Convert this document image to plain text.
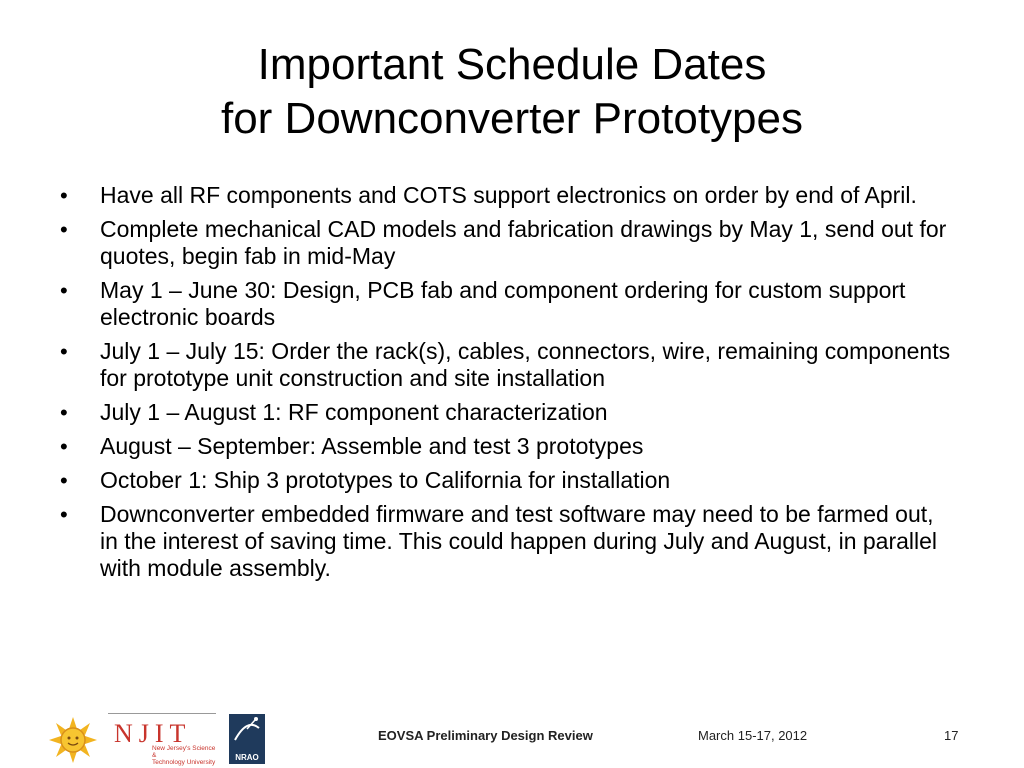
Important Schedule Dates
for Downconverter Prototypes
• Have all RF components and COTS support electronics on order by end of April.
• Complete mechanical CAD models and fabrication drawings by May 1, send out for quotes, begin fab in mid-May
• May 1 – June 30: Design, PCB fab and component ordering for custom support electronic boards
• July 1 – July 15: Order the rack(s), cables, connectors, wire, remaining components for prototype unit construction and site installation
• July 1 – August 1: RF component characterization
• August – September: Assemble and test 3 prototypes
• October 1: Ship 3 prototypes to California for installation
• Downconverter embedded firmware and test software may need to be farmed out, in the interest of saving time. This could happen during July and August, in parallel with module assembly.
NJIT
New Jersey's Science &
Technology University
NRAO
EOVSA Preliminary Design Review	March 15-17, 2012	17
